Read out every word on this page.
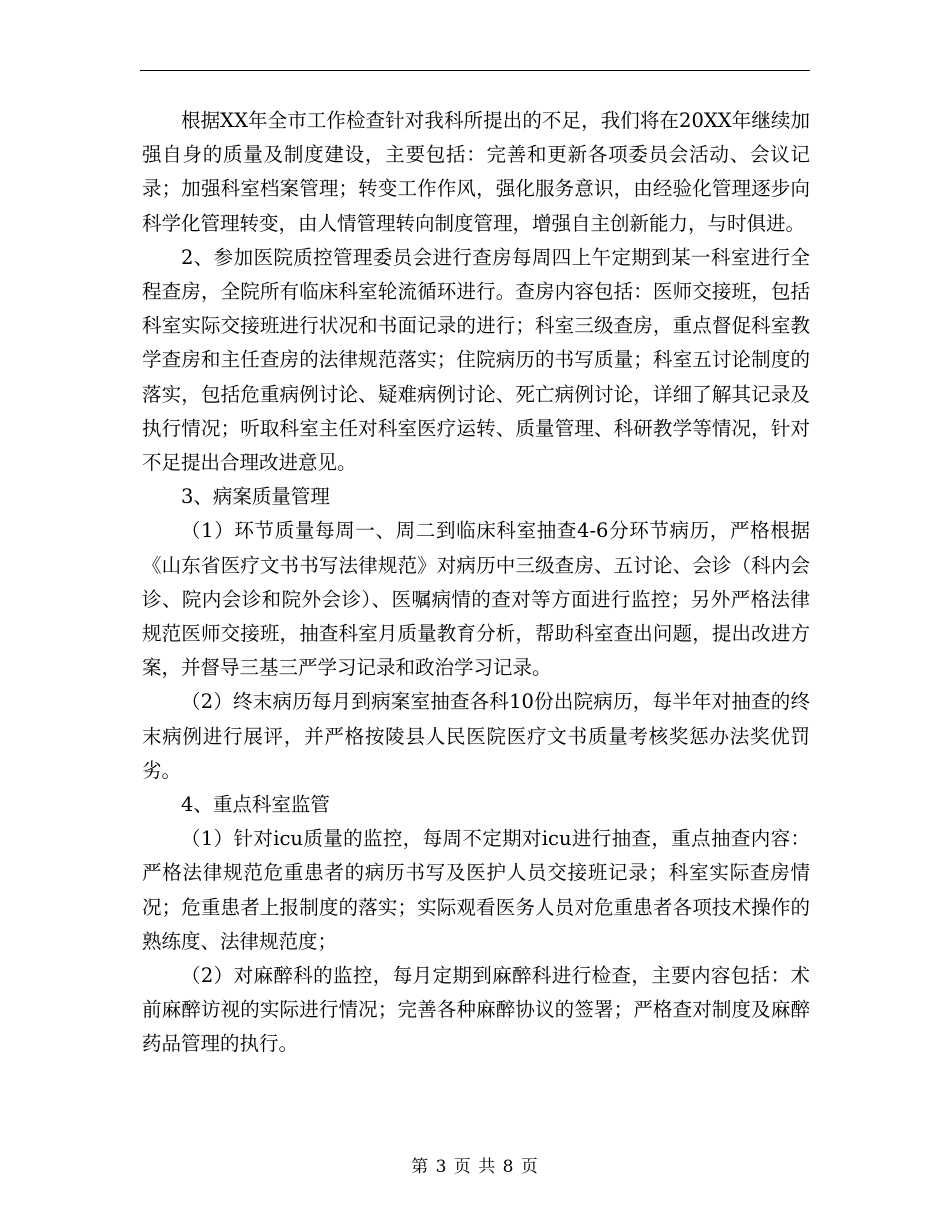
根据XX年全市工作检查针对我科所提出的不足，我们将在20XX年继续加强自身的质量及制度建设，主要包括：完善和更新各项委员会活动、会议记录；加强科室档案管理；转变工作作风，强化服务意识，由经验化管理逐步向科学化管理转变，由人情管理转向制度管理，增强自主创新能力，与时俱进。

2、参加医院质控管理委员会进行查房每周四上午定期到某一科室进行全程查房，全院所有临床科室轮流循环进行。查房内容包括：医师交接班，包括科室实际交接班进行状况和书面记录的进行；科室三级查房，重点督促科室教学查房和主任查房的法律规范落实；住院病历的书写质量；科室五讨论制度的落实，包括危重病例讨论、疑难病例讨论、死亡病例讨论，详细了解其记录及执行情况；听取科室主任对科室医疗运转、质量管理、科研教学等情况，针对不足提出合理改进意见。

3、病案质量管理

（1）环节质量每周一、周二到临床科室抽查4-6分环节病历，严格根据《山东省医疗文书书写法律规范》对病历中三级查房、五讨论、会诊（科内会诊、院内会诊和院外会诊）、医嘱病情的查对等方面进行监控；另外严格法律规范医师交接班，抽查科室月质量教育分析，帮助科室查出问题，提出改进方案，并督导三基三严学习记录和政治学习记录。

（2）终末病历每月到病案室抽查各科10份出院病历，每半年对抽查的终末病例进行展评，并严格按陵县人民医院医疗文书质量考核奖惩办法奖优罚劣。

4、重点科室监管

（1）针对icu质量的监控，每周不定期对icu进行抽查，重点抽查内容：严格法律规范危重患者的病历书写及医护人员交接班记录；科室实际查房情况；危重患者上报制度的落实；实际观看医务人员对危重患者各项技术操作的熟练度、法律规范度；

（2）对麻醉科的监控，每月定期到麻醉科进行检查，主要内容包括：术前麻醉访视的实际进行情况；完善各种麻醉协议的签署；严格查对制度及麻醉药品管理的执行。

第 3 页 共 8 页
